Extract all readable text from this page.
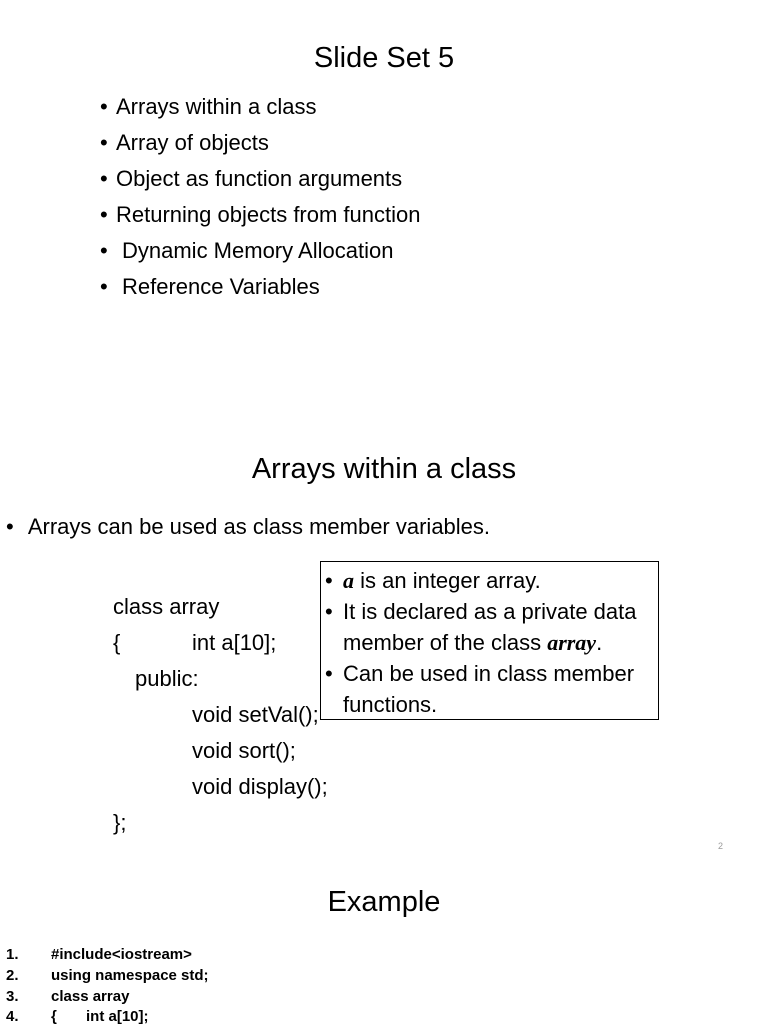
Slide Set 5
• Arrays within a class
• Array of objects
• Object as function arguments
• Returning objects from function
• Dynamic Memory Allocation
• Reference Variables
Arrays within a class
• Arrays can be used as class member variables.
class array
{	int a[10];
public:
void setVal();
void sort();
void display();
};
• a is an integer array.
• It is declared as a private data member of the class array.
• Can be used in class member functions.
2
Example
1. #include<iostream>
2. using namespace std;
3. class array
4. {       int a[10];
